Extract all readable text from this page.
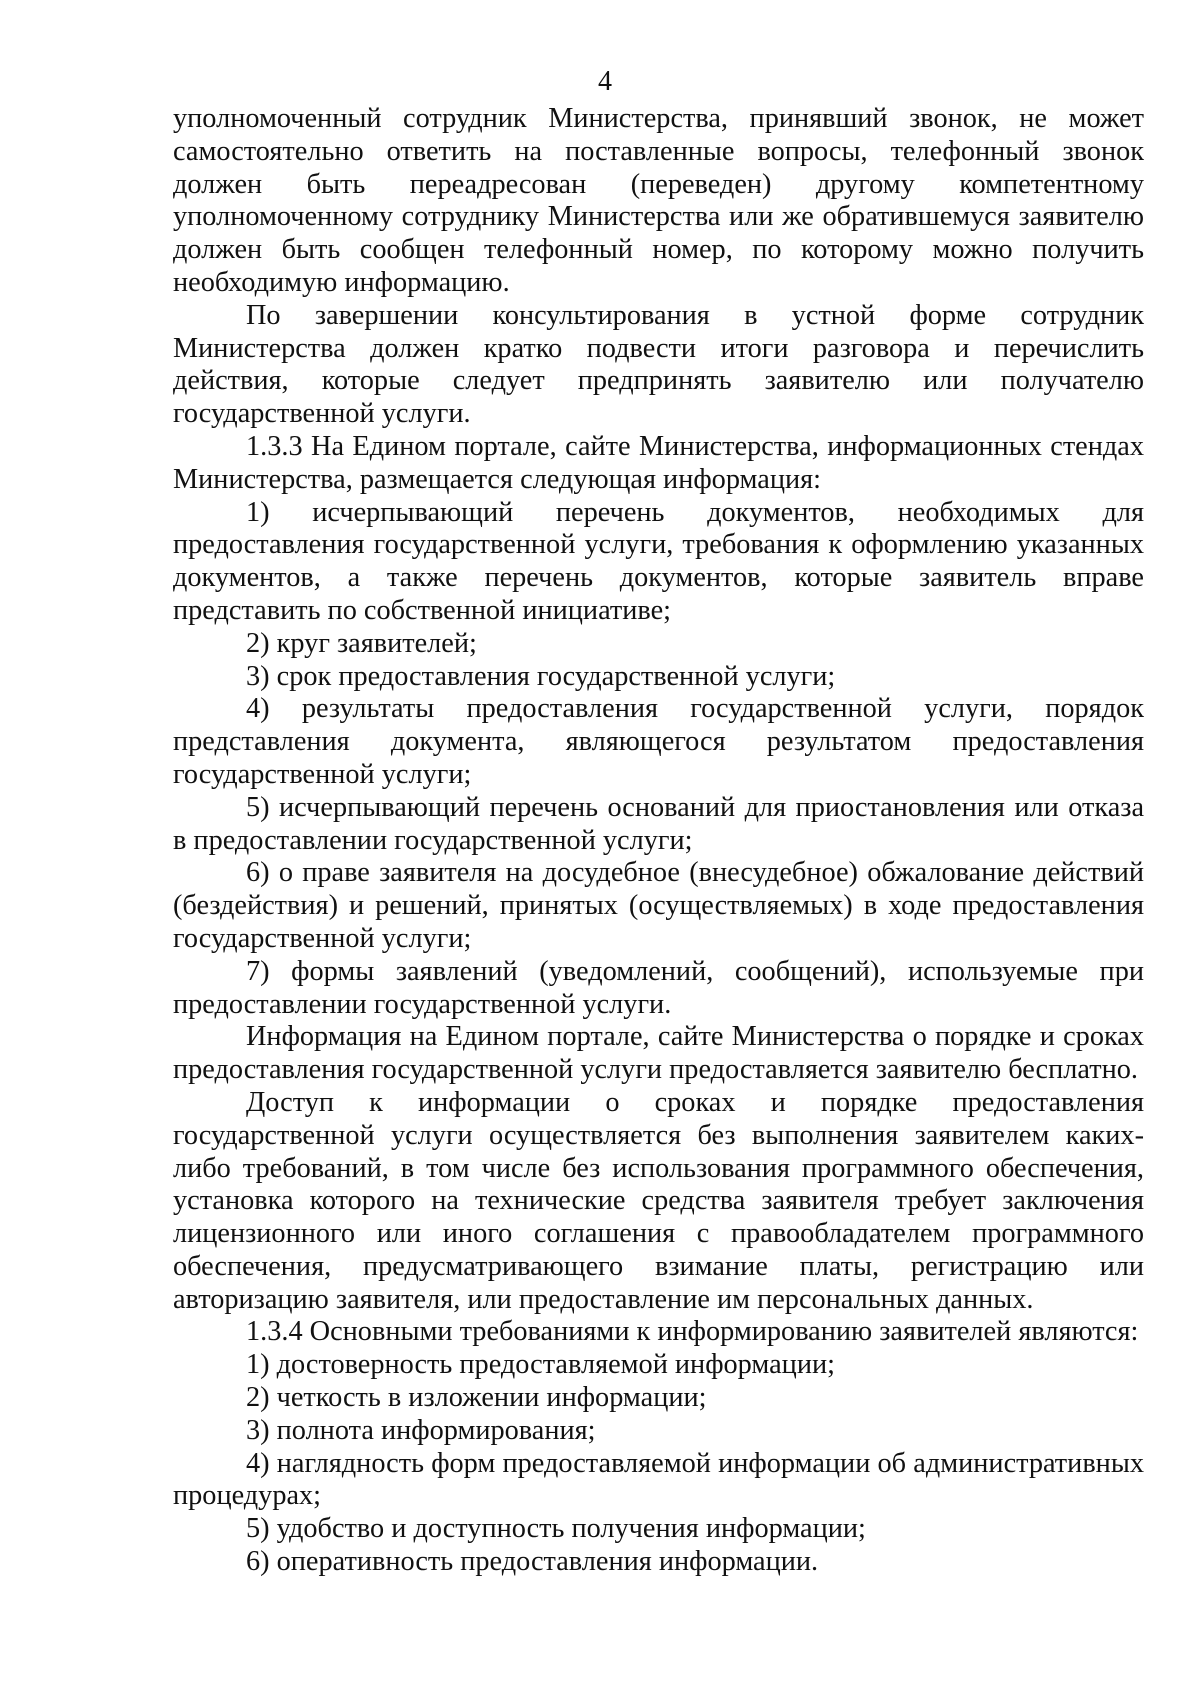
4

уполномоченный сотрудник Министерства, принявший звонок, не может самостоятельно ответить на поставленные вопросы, телефонный звонок должен быть переадресован (переведен) другому компетентному уполномоченному сотруднику Министерства или же обратившемуся заявителю должен быть сообщен телефонный номер, по которому можно получить необходимую информацию.

По завершении консультирования в устной форме сотрудник Министерства должен кратко подвести итоги разговора и перечислить действия, которые следует предпринять заявителю или получателю государственной услуги.

1.3.3 На Едином портале, сайте Министерства, информационных стендах Министерства, размещается следующая информация:

1) исчерпывающий перечень документов, необходимых для предоставления государственной услуги, требования к оформлению указанных документов, а также перечень документов, которые заявитель вправе представить по собственной инициативе;

2) круг заявителей;

3) срок предоставления государственной услуги;

4) результаты предоставления государственной услуги, порядок представления документа, являющегося результатом предоставления государственной услуги;

5) исчерпывающий перечень оснований для приостановления или отказа в предоставлении государственной услуги;

6) о праве заявителя на досудебное (внесудебное) обжалование действий (бездействия) и решений, принятых (осуществляемых) в ходе предоставления государственной услуги;

7) формы заявлений (уведомлений, сообщений), используемые при предоставлении государственной услуги.

Информация на Едином портале, сайте Министерства о порядке и сроках предоставления государственной услуги предоставляется заявителю бесплатно.

Доступ к информации о сроках и порядке предоставления государственной услуги осуществляется без выполнения заявителем каких-либо требований, в том числе без использования программного обеспечения, установка которого на технические средства заявителя требует заключения лицензионного или иного соглашения с правообладателем программного обеспечения, предусматривающего взимание платы, регистрацию или авторизацию заявителя, или предоставление им персональных данных.

1.3.4 Основными требованиями к информированию заявителей являются:

1) достоверность предоставляемой информации;

2) четкость в изложении информации;

3) полнота информирования;

4) наглядность форм предоставляемой информации об административных процедурах;

5) удобство и доступность получения информации;

6) оперативность предоставления информации.
